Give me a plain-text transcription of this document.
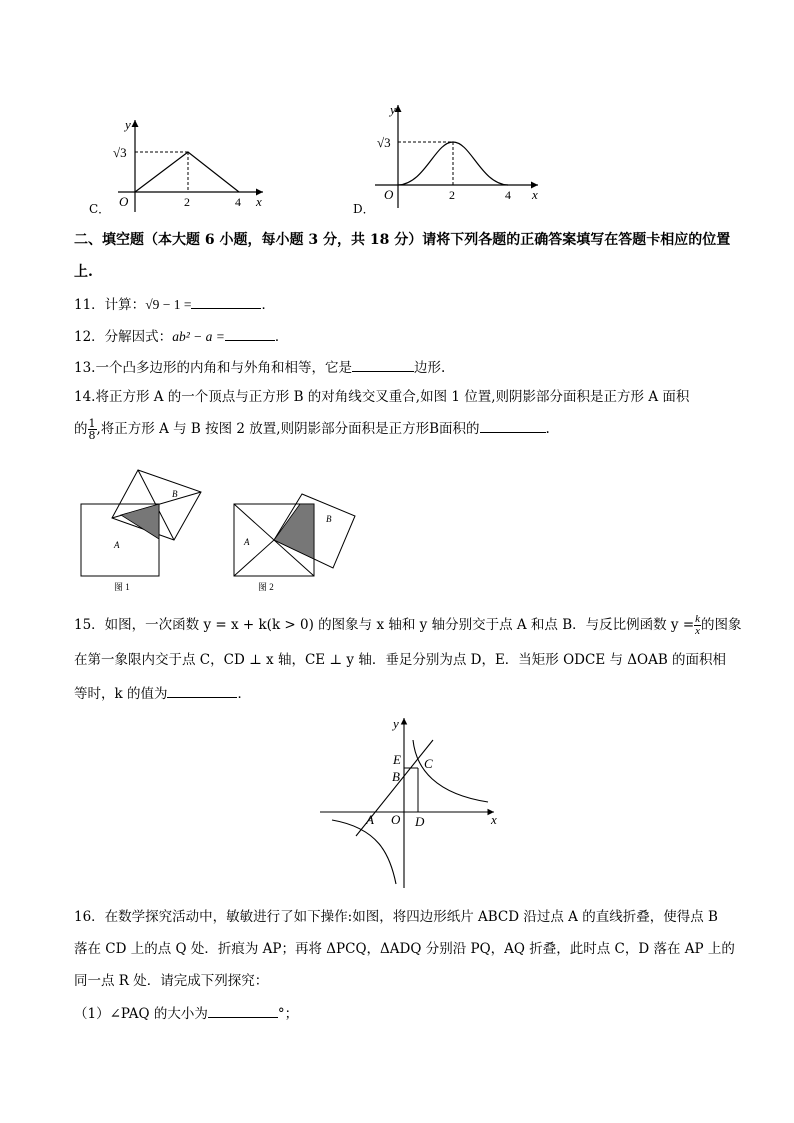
y
x
O
√3
2	4
C．
y
x
O
√3
2	4
D．
二、填空题（本大题 6 小题，每小题 3 分，共 18 分）请将下列各题的正确答案填写在答题卡相应的位置
上.
11．计算：√9 − 1 =	．
12．分解因式：ab² − a =	．
13.一个凸多边形的内角和与外角和相等，它是	边形.
14.将正方形 A 的一个顶点与正方形 B 的对角线交叉重合,如图 1 位置,则阴影部分面积是正方形 A 面积
的 $\frac{1}{8}$ ,将正方形 A 与 B 按图 2 放置,则阴影部分面积是正方形B面积的	.
A
B
图 1
A
B
图 2
15．如图，一次函数 y = x + k(k > 0) 的图象与 x 轴和 y 轴分别交于点 A 和点 B．与反比例函数 $y = \frac{k}{x}$ 的图象
在第一象限内交于点 C，CD ⊥ x 轴，CE ⊥ y 轴．垂足分别为点 D，E．当矩形 ODCE 与 ΔOAB 的面积相
等时，k 的值为	．
y
x
E C
B
A O D
16．在数学探究活动中，敏敏进行了如下操作:如图，将四边形纸片 ABCD 沿过点 A 的直线折叠，使得点 B
落在 CD 上的点 Q 处．折痕为 AP；再将 ΔPCQ，ΔADQ 分别沿 PQ，AQ 折叠，此时点 C，D 落在 AP 上的
同一点 R 处．请完成下列探究：
（1）∠PAQ 的大小为	°；
